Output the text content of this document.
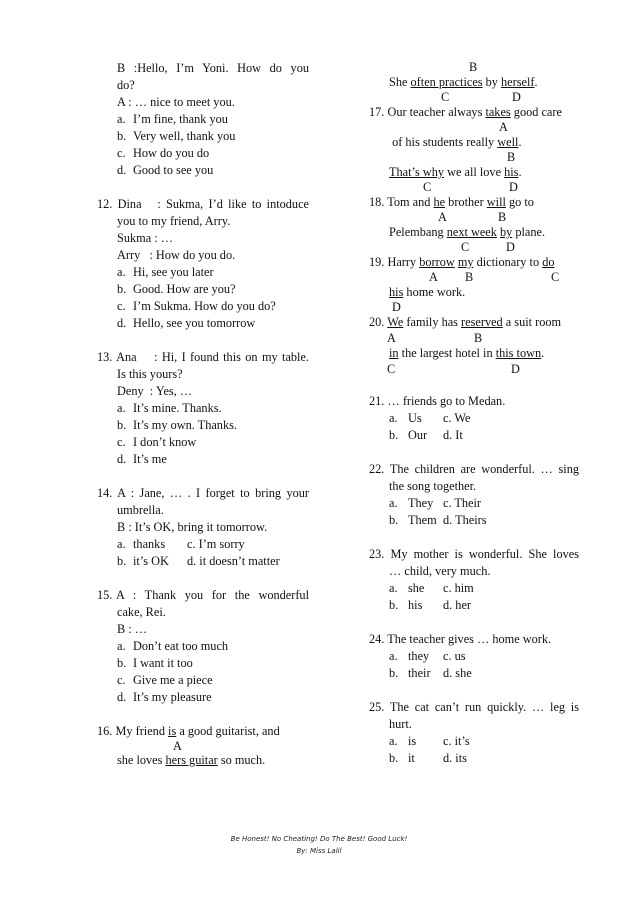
B  :Hello,  I’m  Yoni.  How  do  you
do?
A : … nice to meet you.
a. I’m fine, thank you
b. Very well, thank you
c. How do you do
d. Good to see you
12. Dina   : Sukma, I’d like to intoduce
you to my friend, Arry.
Sukma : …
Arry   : How do you do.
a. Hi, see you later
b. Good. How are you?
c. I’m Sukma. How do you do?
d. Hello, see you tomorrow
13. Ana    : Hi, I found this on my table.
Is this yours?
Deny  : Yes, …
a. It’s mine. Thanks.
b. It’s my own. Thanks.
c. I don’t know
d. It’s me
14. A : Jane, … . I forget to bring your
umbrella.
B : It’s OK, bring it tomorrow.
a. thanks	c. I’m sorry
b. it’s OK	d. it doesn’t matter
15. A  :  Thank  you  for  the  wonderful
cake, Rei.
B : …
a. Don’t eat too much
b. I want it too
c. Give me a piece
d. It’s my pleasure
16. My friend is a good guitarist, and
A
she loves hers guitar so much.
B
She often practices by herself.
C	D
17. Our teacher always takes good care
A
of his students really well.
B
That’s why we all love his.
C	D
18. Tom and he brother will go to
A	B
Pelembang next week by plane.
C	D
19. Harry borrow my dictionary to do
A B	C
his home work.
D
20. We family has reserved a suit room
A	B
in the largest hotel in this town.
C	D
21. … friends go to Medan.
a. Us c. We
b. Our d. It
22. The children are wonderful. … sing
the song together.
a. They c. Their
b. Them d. Theirs
23. My mother is wonderful. She loves
… child, very much.
a. she c. him
b. his d. her
24. The teacher gives … home work.
a. they c. us
b. their d. she
25. The cat can’t run quickly. … leg is
hurt.
a. is c. it’s
b. it d. its
Be Honest! No Cheating! Do The Best! Good Luck!
By: Miss Lalil
